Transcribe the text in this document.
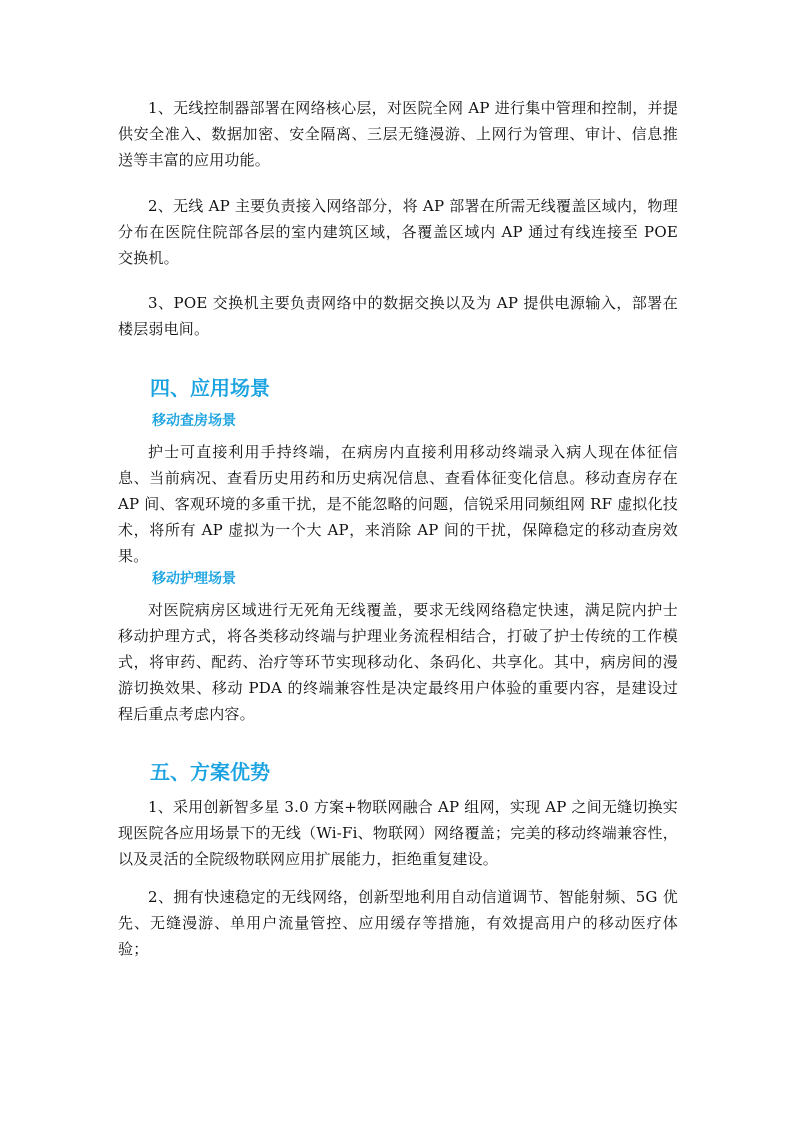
1、无线控制器部署在网络核心层，对医院全网 AP 进行集中管理和控制，并提供安全准入、数据加密、安全隔离、三层无缝漫游、上网行为管理、审计、信息推送等丰富的应用功能。

2、无线 AP 主要负责接入网络部分，将 AP 部署在所需无线覆盖区域内，物理分布在医院住院部各层的室内建筑区域，各覆盖区域内 AP 通过有线连接至 POE 交换机。

3、POE 交换机主要负责网络中的数据交换以及为 AP 提供电源输入，部署在楼层弱电间。

四、应用场景
移动查房场景

护士可直接利用手持终端，在病房内直接利用移动终端录入病人现在体征信息、当前病况、查看历史用药和历史病况信息、查看体征变化信息。移动查房存在 AP 间、客观环境的多重干扰，是不能忽略的问题，信锐采用同频组网 RF 虚拟化技术，将所有 AP 虚拟为一个大 AP，来消除 AP 间的干扰，保障稳定的移动查房效果。

移动护理场景

对医院病房区域进行无死角无线覆盖，要求无线网络稳定快速，满足院内护士移动护理方式，将各类移动终端与护理业务流程相结合，打破了护士传统的工作模式，将审药、配药、治疗等环节实现移动化、条码化、共享化。其中，病房间的漫游切换效果、移动 PDA 的终端兼容性是决定最终用户体验的重要内容，是建设过程后重点考虑内容。

五、方案优势

1、采用创新智多星 3.0 方案+物联网融合 AP 组网，实现 AP 之间无缝切换实现医院各应用场景下的无线（Wi-Fi、物联网）网络覆盖；完美的移动终端兼容性，以及灵活的全院级物联网应用扩展能力，拒绝重复建设。

2、拥有快速稳定的无线网络，创新型地利用自动信道调节、智能射频、5G 优先、无缝漫游、单用户流量管控、应用缓存等措施，有效提高用户的移动医疗体验；
